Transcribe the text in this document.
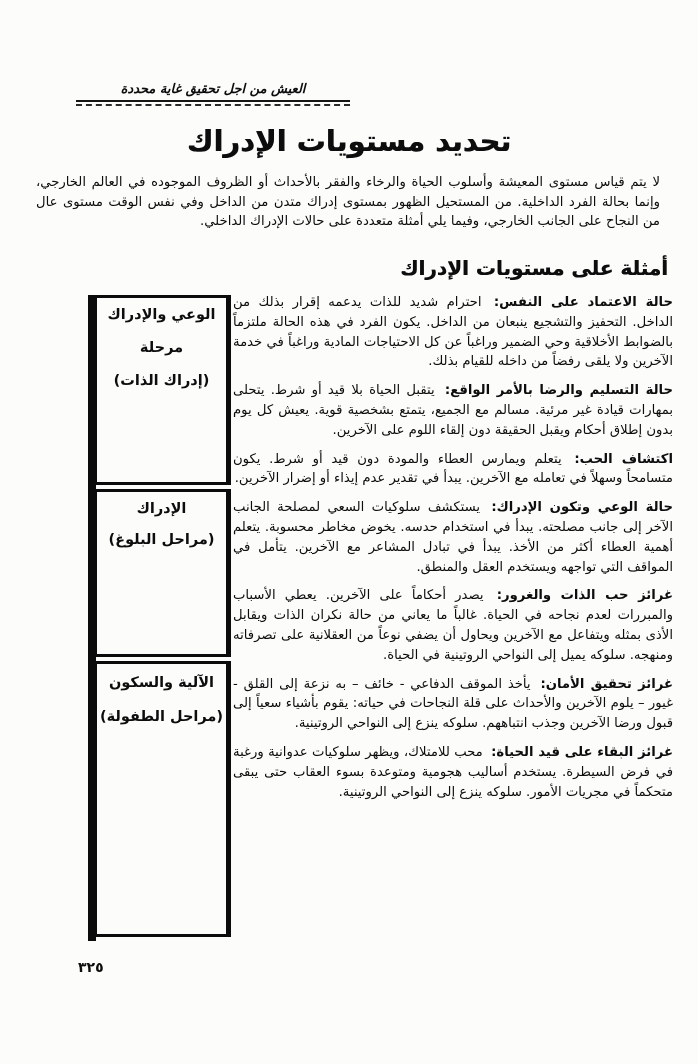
العيش من اجل تحقيق غاية محددة
تحديد مستويات الإدراك
لا يتم قياس مستوى المعيشة وأسلوب الحياة والرخاء والفقر بالأحداث أو الظروف الموجوده في العالم الخارجي، وإنما بحالة الفرد الداخلية. من المستحيل الظهور بمستوى إدراك متدن من الداخل وفي نفس الوقت مستوى عال من النجاح على الجانب الخارجي، وفيما يلي أمثلة متعددة على حالات الإدراك الداخلي.
أمثلة على مستويات الإدراك
الوعي والإدراك
مرحلة
(إدراك الذات)
الإدراك
(مراحل البلوغ)
الآلية والسكون
(مراحل الطفولة)

حالة الاعتماد على النفس: احترام شديد للذات يدعمه إقرار بذلك من الداخل. التحفيز والتشجيع ينبعان من الداخل. يكون الفرد في هذه الحالة ملتزماً بالضوابط الأخلاقية وحي الضمير وراغباً عن كل الاحتياجات المادية وراغباً في خدمة الآخرين ولا يلقى رفضاً من داخله للقيام بذلك.

حالة التسليم والرضا بالأمر الواقع: يتقبل الحياة بلا قيد أو شرط. يتحلى بمهارات قيادة غير مرئية. مسالم مع الجميع، يتمتع بشخصية قوية. يعيش كل يوم بدون إطلاق أحكام ويقبل الحقيقة دون إلقاء اللوم على الآخرين.

اكتشاف الحب: يتعلم ويمارس العطاء والمودة دون قيد أو شرط. يكون متسامحاً وسهلاً في تعامله مع الآخرين. يبدأ في تقدير عدم إيذاء أو إضرار الآخرين.

حالة الوعي وتكون الإدراك: يستكشف سلوكيات السعي لمصلحة الجانب الآخر إلى جانب مصلحته. يبدأ في استخدام حدسه. يخوض مخاطر محسوبة. يتعلم أهمية العطاء أكثر من الأخذ. يبدأ في تبادل المشاعر مع الآخرين. يتأمل في المواقف التي تواجهه ويستخدم العقل والمنطق.

غرائز حب الذات والغرور: يصدر أحكاماً على الآخرين. يعطي الأسباب والمبررات لعدم نجاحه في الحياة. غالباً ما يعاني من حالة نكران الذات ويقابل الأذى بمثله ويتفاعل مع الآخرين ويحاول أن يضفي نوعاً من العقلانية على تصرفاته ومنهجه. سلوكه يميل إلى النواحي الروتينية في الحياة.

غرائز تحقيق الأمان: يأخذ الموقف الدفاعي - خائف – به نزعة إلى القلق - غيور – يلوم الآخرين والأحداث على قلة النجاحات في حياته: يقوم بأشياء سعياً إلى قبول ورضا الآخرين وجذب انتباههم. سلوكه ينزع إلى النواحي الروتينية.

غرائز البقاء على قيد الحياة: محب للامتلاك، ويظهر سلوكيات عدوانية ورغبة في فرض السيطرة. يستخدم أساليب هجومية ومتوعدة بسوء العقاب حتى يبقى متحكماً في مجريات الأمور. سلوكه ينزع إلى النواحي الروتينية.

٣٢٥
